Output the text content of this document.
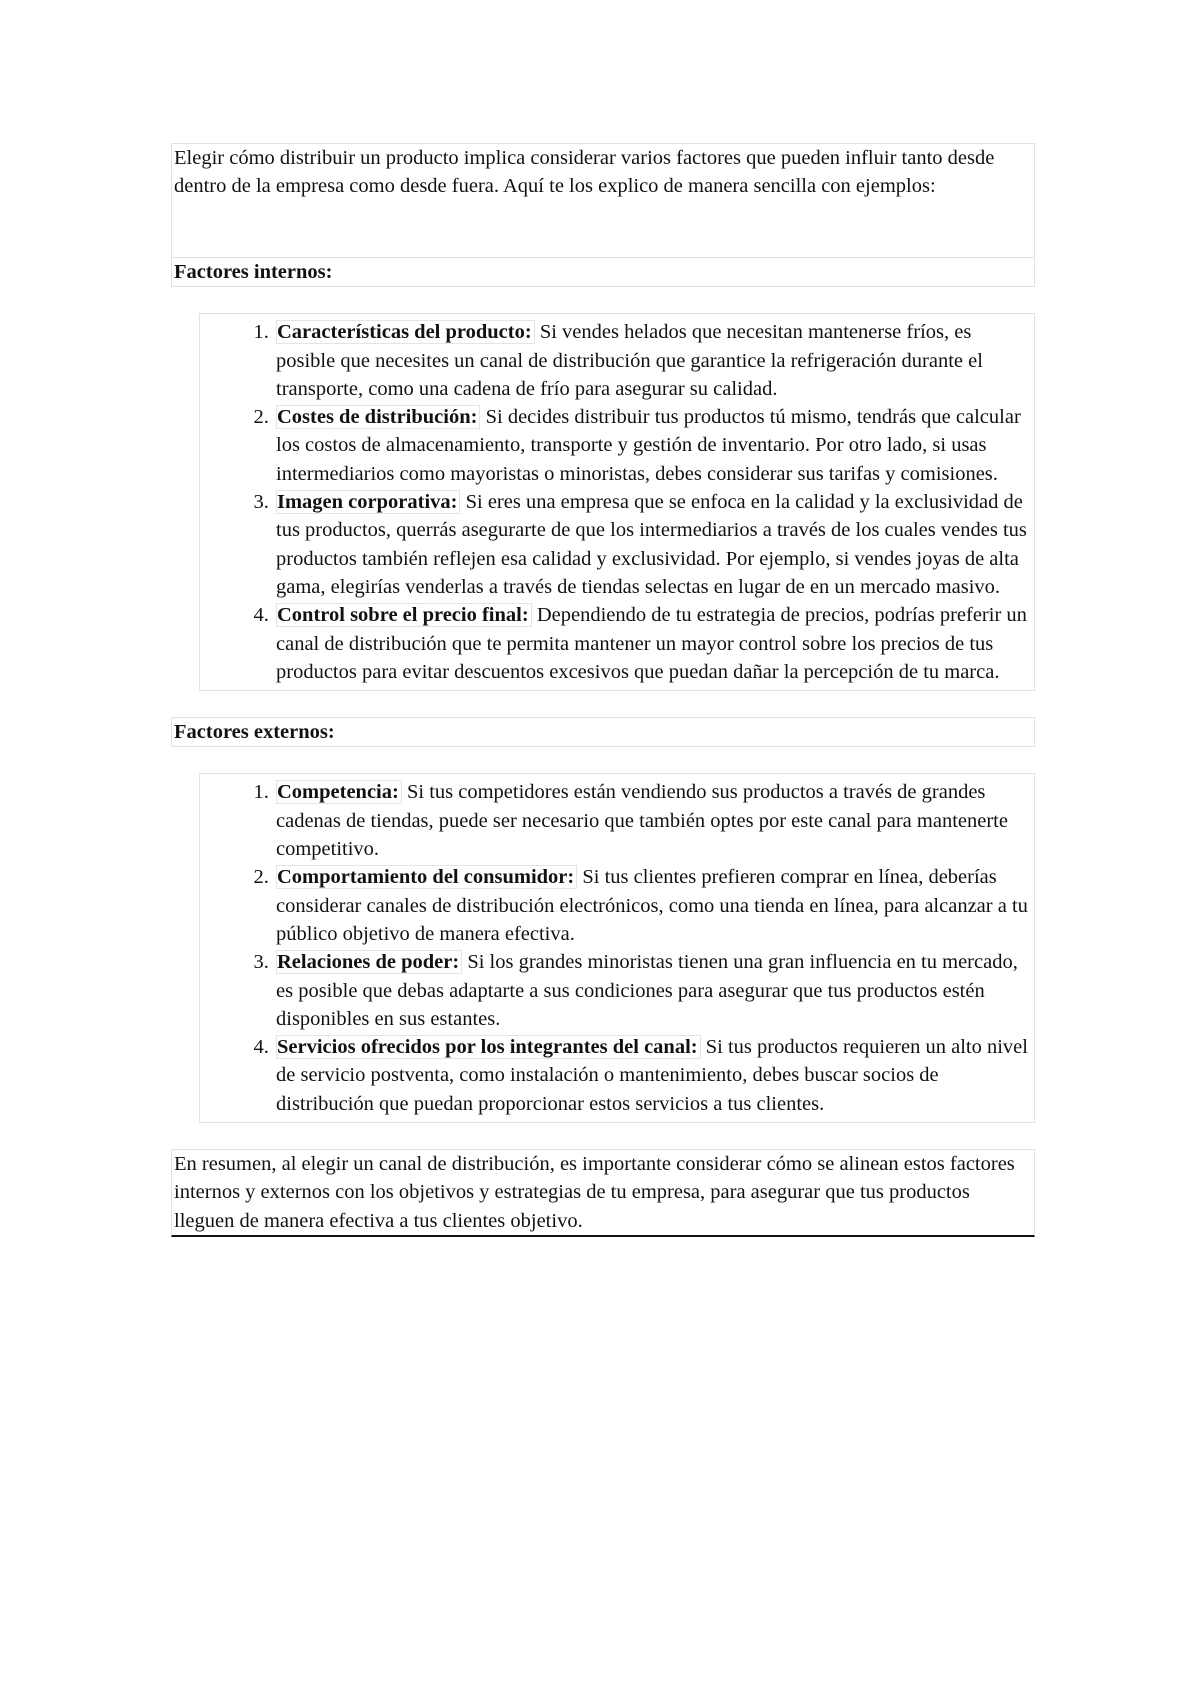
Elegir cómo distribuir un producto implica considerar varios factores que pueden influir tanto desde dentro de la empresa como desde fuera. Aquí te los explico de manera sencilla con ejemplos:
Factores internos:
1. Características del producto: Si vendes helados que necesitan mantenerse fríos, es posible que necesites un canal de distribución que garantice la refrigeración durante el transporte, como una cadena de frío para asegurar su calidad.
2. Costes de distribución: Si decides distribuir tus productos tú mismo, tendrás que calcular los costos de almacenamiento, transporte y gestión de inventario. Por otro lado, si usas intermediarios como mayoristas o minoristas, debes considerar sus tarifas y comisiones.
3. Imagen corporativa: Si eres una empresa que se enfoca en la calidad y la exclusividad de tus productos, querrás asegurarte de que los intermediarios a través de los cuales vendes tus productos también reflejen esa calidad y exclusividad. Por ejemplo, si vendes joyas de alta gama, elegirías venderlas a través de tiendas selectas en lugar de en un mercado masivo.
4. Control sobre el precio final: Dependiendo de tu estrategia de precios, podrías preferir un canal de distribución que te permita mantener un mayor control sobre los precios de tus productos para evitar descuentos excesivos que puedan dañar la percepción de tu marca.
Factores externos:
1. Competencia: Si tus competidores están vendiendo sus productos a través de grandes cadenas de tiendas, puede ser necesario que también optes por este canal para mantenerte competitivo.
2. Comportamiento del consumidor: Si tus clientes prefieren comprar en línea, deberías considerar canales de distribución electrónicos, como una tienda en línea, para alcanzar a tu público objetivo de manera efectiva.
3. Relaciones de poder: Si los grandes minoristas tienen una gran influencia en tu mercado, es posible que debas adaptarte a sus condiciones para asegurar que tus productos estén disponibles en sus estantes.
4. Servicios ofrecidos por los integrantes del canal: Si tus productos requieren un alto nivel de servicio postventa, como instalación o mantenimiento, debes buscar socios de distribución que puedan proporcionar estos servicios a tus clientes.
En resumen, al elegir un canal de distribución, es importante considerar cómo se alinean estos factores internos y externos con los objetivos y estrategias de tu empresa, para asegurar que tus productos lleguen de manera efectiva a tus clientes objetivo.
